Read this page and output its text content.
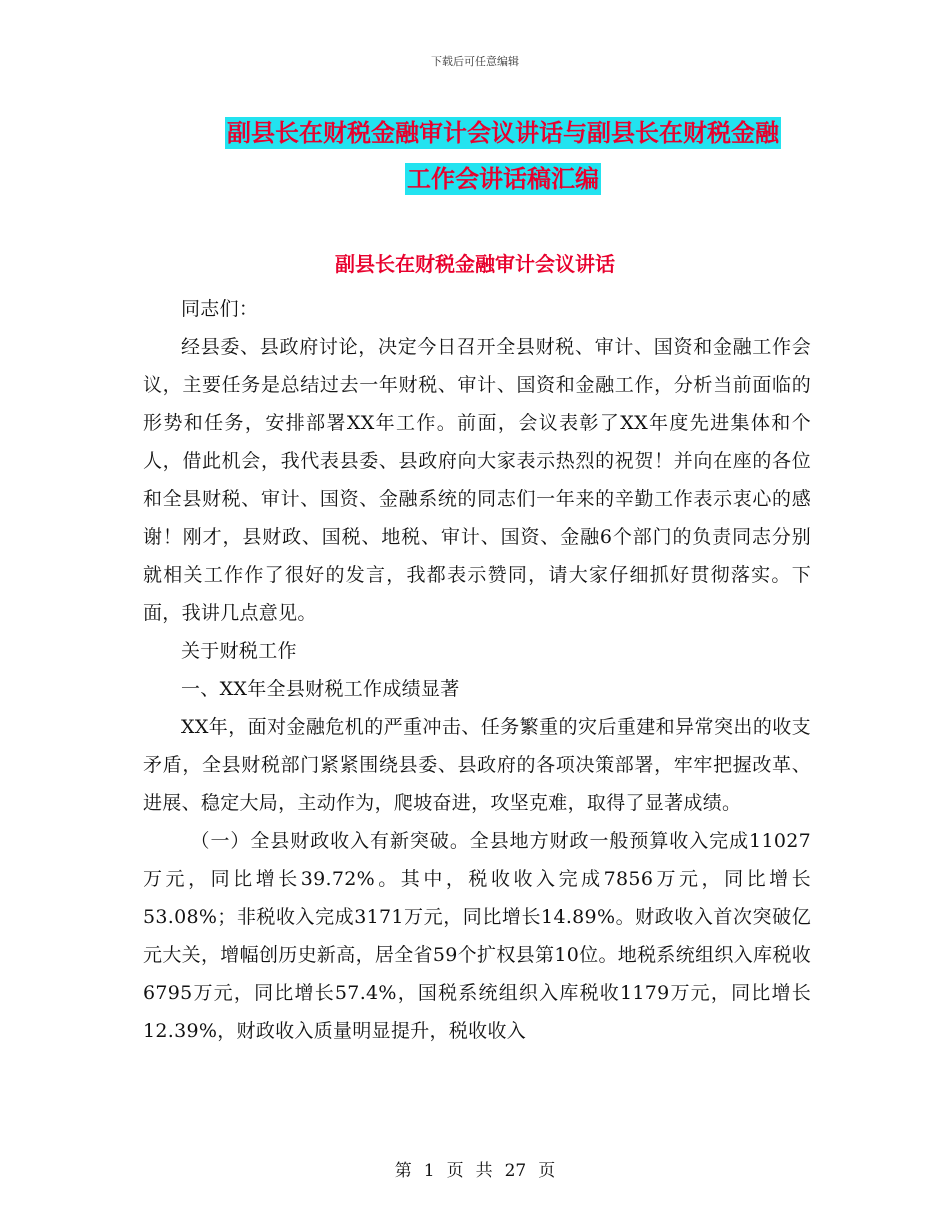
下载后可任意编辑
副县长在财税金融审计会议讲话与副县长在财税金融
工作会讲话稿汇编
副县长在财税金融审计会议讲话

同志们：

经县委、县政府讨论，决定今日召开全县财税、审计、国资和金融工作会议，主要任务是总结过去一年财税、审计、国资和金融工作，分析当前面临的形势和任务，安排部署XX年工作。前面，会议表彰了XX年度先进集体和个人，借此机会，我代表县委、县政府向大家表示热烈的祝贺！并向在座的各位和全县财税、审计、国资、金融系统的同志们一年来的辛勤工作表示衷心的感谢！刚才，县财政、国税、地税、审计、国资、金融6个部门的负责同志分别就相关工作作了很好的发言，我都表示赞同，请大家仔细抓好贯彻落实。下面，我讲几点意见。

关于财税工作

一、XX年全县财税工作成绩显著

XX年，面对金融危机的严重冲击、任务繁重的灾后重建和异常突出的收支矛盾，全县财税部门紧紧围绕县委、县政府的各项决策部署，牢牢把握改革、进展、稳定大局，主动作为，爬坡奋进，攻坚克难，取得了显著成绩。

（一）全县财政收入有新突破。全县地方财政一般预算收入完成11027万元，同比增长39.72%。其中，税收收入完成7856万元，同比增长53.08%；非税收入完成3171万元，同比增长14.89%。财政收入首次突破亿元大关，增幅创历史新高，居全省59个扩权县第10位。地税系统组织入库税收6795万元，同比增长57.4%，国税系统组织入库税收1179万元，同比增长12.39%，财政收入质量明显提升，税收收入

第 1 页 共 27 页
